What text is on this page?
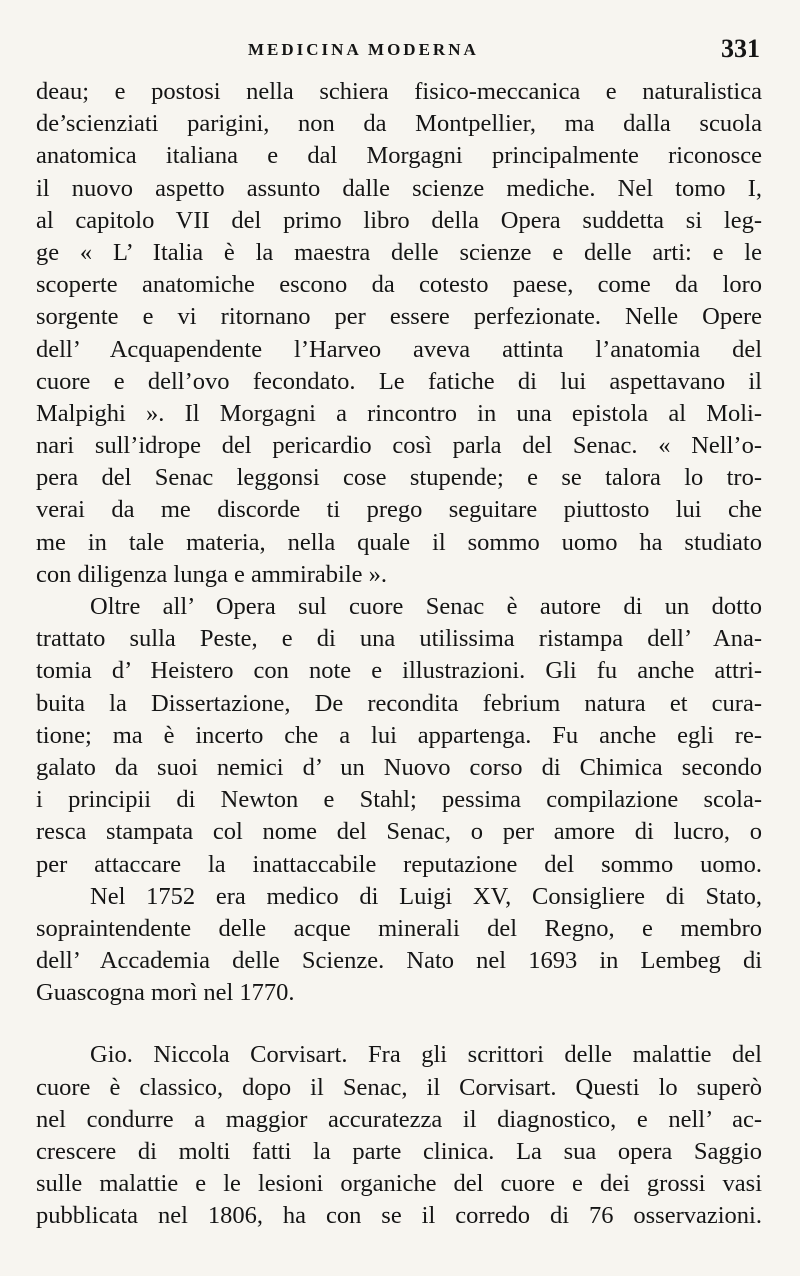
MEDICINA MODERNA	331
deau; e postosi nella schiera fisico-meccanica e naturalistica
de’scienziati parigini, non da Montpellier, ma dalla scuola
anatomica italiana e dal Morgagni principalmente riconosce
il nuovo aspetto assunto dalle scienze mediche. Nel tomo I,
al capitolo VII del primo libro della Opera suddetta si leg-
ge « L’ Italia è la maestra delle scienze e delle arti: e le
scoperte anatomiche escono da cotesto paese, come da loro
sorgente e vi ritornano per essere perfezionate. Nelle Opere
dell’ Acquapendente l’Harveo aveva attinta l’anatomia del
cuore e dell’ovo fecondato. Le fatiche di lui aspettavano il
Malpighi ». Il Morgagni a rincontro in una epistola al Moli-
nari sull’idrope del pericardio così parla del Senac. « Nell’o-
pera del Senac leggonsi cose stupende; e se talora lo tro-
verai da me discorde ti prego seguitare piuttosto lui che
me in tale materia, nella quale il sommo uomo ha studiato
con diligenza lunga e ammirabile ».
Oltre all’ Opera sul cuore Senac è autore di un dotto
trattato sulla Peste, e di una utilissima ristampa dell’ Ana-
tomia d’ Heistero con note e illustrazioni. Gli fu anche attri-
buita la Dissertazione, De recondita febrium natura et cura-
tione; ma è incerto che a lui appartenga. Fu anche egli re-
galato da suoi nemici d’ un Nuovo corso di Chimica secondo
i principii di Newton e Stahl; pessima compilazione scola-
resca stampata col nome del Senac, o per amore di lucro, o
per attaccare la inattaccabile reputazione del sommo uomo.
Nel 1752 era medico di Luigi XV, Consigliere di Stato,
sopraintendente delle acque minerali del Regno, e membro
dell’ Accademia delle Scienze. Nato nel 1693 in Lembeg di
Guascogna morì nel 1770.
Gio. Niccola Corvisart. Fra gli scrittori delle malattie del
cuore è classico, dopo il Senac, il Corvisart. Questi lo superò
nel condurre a maggior accuratezza il diagnostico, e nell’ ac-
crescere di molti fatti la parte clinica. La sua opera Saggio
sulle malattie e le lesioni organiche del cuore e dei grossi vasi
pubblicata nel 1806, ha con se il corredo di 76 osservazioni.
